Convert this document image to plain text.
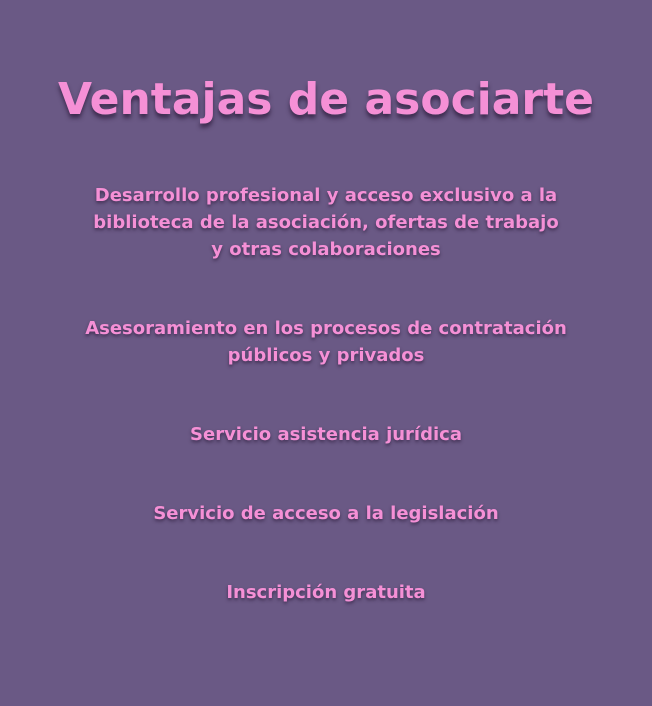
Ventajas de asociarte
Desarrollo profesional y acceso exclusivo a la
biblioteca de la asociación, ofertas de trabajo
y otras colaboraciones
Asesoramiento en los procesos de contratación
públicos y privados
Servicio asistencia jurídica
Servicio de acceso a la legislación
Inscripción gratuita
